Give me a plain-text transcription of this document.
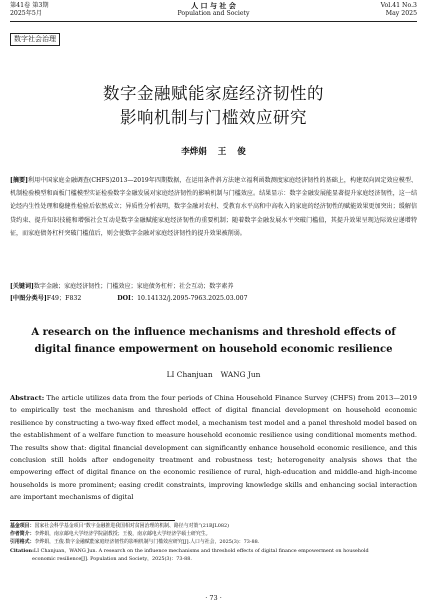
第41卷 第3期
2025年5月
人 口 与 社 会
Population and Society
Vol.41 No.3
May 2025
数字社会治理
数字金融赋能家庭经济韧性的
影响机制与门槛效应研究
李烨娟 王 俊
[摘要]利用中国家庭金融调查(CHFS)2013—2019年四期数据，在运用条件斜方法建立福利函数测度家庭经济韧性的基础上，构建双向固定效应模型、机制检验模型和面板门槛模型实证检验数字金融发展对家庭经济韧性的影响机制与门槛效应。结果显示：数字金融发展能显著提升家庭经济韧性，这一结论经内生性处理和稳健性检验后依然成立；异质性分析表明，数字金融对农村、受教育水平高和中高收入的家庭的经济韧性的赋能效果更加突出；缓解信贷约束、提升知识技能和增强社会互动是数字金融赋能家庭经济韧性的重要机制；随着数字金融发展水平突破门槛值，其提升效果呈现边际效应递增特征，而家庭债务杠杆突破门槛值后，则会使数字金融对家庭经济韧性的提升效果被削弱。
[关键词]数字金融；家庭经济韧性；门槛效应；家庭债务杠杆；社会互动；数字素养
[中图分类号]F49；F832	DOI：10.14132/j.2095-7963.2025.03.007
A research on the influence mechanisms and threshold effects of
digital finance empowerment on household economic resilience
LI Chanjuan WANG Jun
Abstract: The article utilizes data from the four periods of China Household Finance Survey (CHFS) from 2013—2019 to empirically test the mechanism and threshold effect of digital financial development on household economic resilience by constructing a two-way fixed effect model, a mechanism test model and a panel threshold model based on the establishment of a welfare function to measure household economic resilience using conditional moments method. The results show that: digital financial development can significantly enhance household economic resilience, and this conclusion still holds after endogeneity treatment and robustness test; heterogeneity analysis shows that the empowering effect of digital finance on the economic resilience of rural, high-education and middle-and high-income households is more prominent; easing credit constraints, improving knowledge skills and enhancing social interaction are important mechanisms of digital
基金项目：国家社会科学基金项目“数字金融推进我国相对贫困治理的机制、路径与对策”(21BJL082)
作者简介：李烨娟，南京邮电大学经济学院副教授；王俊，南京邮电大学经济学硕士研究生。
引用格式：李烨娟，王俊.数字金融赋能家庭经济韧性的影响机制与门槛效应研究[J].人口与社会，2025(3)：73-88.
Citation:LI Chanjuan，WANG Jun. A research on the influence mechanisms and threshold effects of digital finance empowerment on household
economic resilience[J]. Population and Society，2025(3)：73-88.
· 73 ·
